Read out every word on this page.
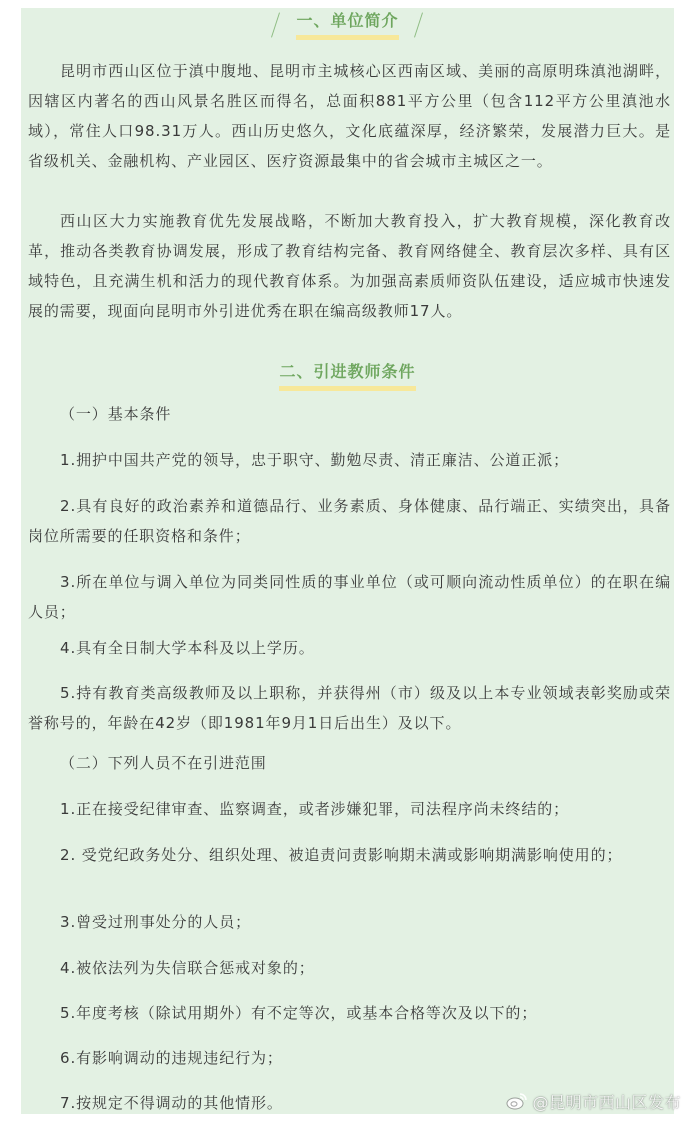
一、单位简介

昆明市西山区位于滇中腹地、昆明市主城核心区西南区域、美丽的高原明珠滇池湖畔，因辖区内著名的西山风景名胜区而得名，总面积881平方公里（包含112平方公里滇池水域），常住人口98.31万人。西山历史悠久，文化底蕴深厚，经济繁荣，发展潜力巨大。是省级机关、金融机构、产业园区、医疗资源最集中的省会城市主城区之一。

西山区大力实施教育优先发展战略，不断加大教育投入，扩大教育规模，深化教育改革，推动各类教育协调发展，形成了教育结构完备、教育网络健全、教育层次多样、具有区域特色，且充满生机和活力的现代教育体系。为加强高素质师资队伍建设，适应城市快速发展的需要，现面向昆明市外引进优秀在职在编高级教师17人。

二、引进教师条件

（一）基本条件

1.拥护中国共产党的领导，忠于职守、勤勉尽责、清正廉洁、公道正派；

2.具有良好的政治素养和道德品行、业务素质、身体健康、品行端正、实绩突出，具备岗位所需要的任职资格和条件；

3.所在单位与调入单位为同类同性质的事业单位（或可顺向流动性质单位）的在职在编人员；

4.具有全日制大学本科及以上学历。

5.持有教育类高级教师及以上职称，并获得州（市）级及以上本专业领域表彰奖励或荣誉称号的，年龄在42岁（即1981年9月1日后出生）及以下。

（二）下列人员不在引进范围

1.正在接受纪律审查、监察调查，或者涉嫌犯罪，司法程序尚未终结的；

2. 受党纪政务处分、组织处理、被追责问责影响期未满或影响期满影响使用的；

3.曾受过刑事处分的人员；

4.被依法列为失信联合惩戒对象的；

5.年度考核（除试用期外）有不定等次，或基本合格等次及以下的；

6.有影响调动的违规违纪行为；

7.按规定不得调动的其他情形。	@昆明市西山区发布
